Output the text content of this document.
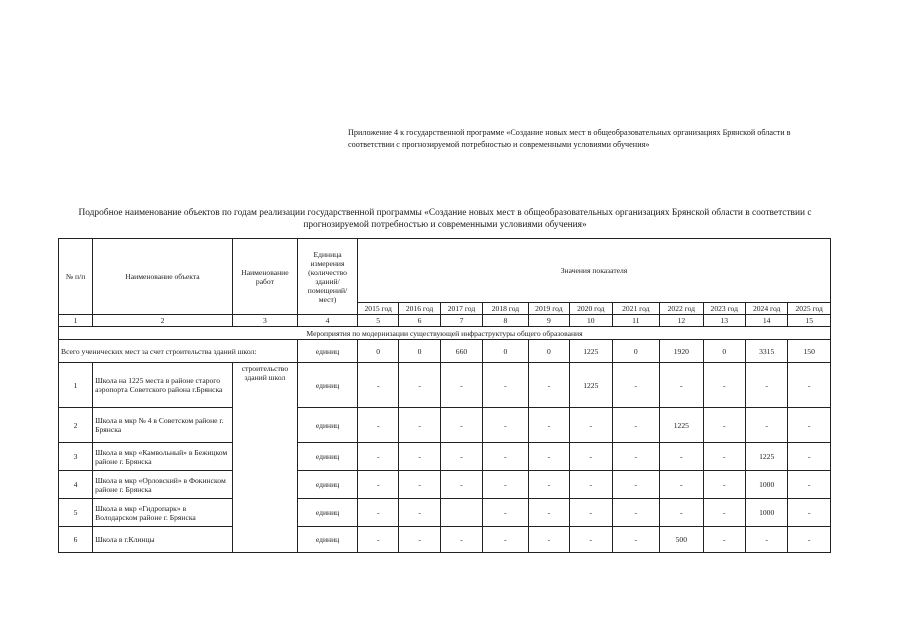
Приложение 4 к государственной программе «Создание новых мест в общеобразовательных организациях Брянской области в соответствии с прогнозируемой потребностью и современными условиями обучения»
Подробное наименование объектов по годам реализации государственной программы «Создание новых мест в общеобразовательных организациях Брянской области в соответствии с прогнозируемой потребностью и современными условиями обучения»
№ п/п	Наименование объекта	Наименование работ	Единица измерения (количество зданий/помещений/мест)	Значения показателя										
				2015 год	2016 год	2017 год	2018 год	2019 год	2020 год	2021 год	2022 год	2023 год	2024 год	2025 год
1	2	3	4	5	6	7	8	9	10	11	12	13	14	15
Мероприятия по модернизации существующей инфраструктуры общего образования														
Всего ученических мест за счет строительства зданий школ:			единиц	0	0	660	0	0	1225	0	1920	0	3315	150
1	Школа на 1225 места в районе старого аэропорта Советского района г.Брянска	строительство зданий школ	единиц	-	-	-	-	-	1225	-	-	-	-	-
2	Школа в мкр № 4 в Советском районе г. Брянска		единиц	-	-	-	-	-	-	-	1225	-	-	-
3	Школа в мкр «Камвольный» в Бежицком районе г. Брянска		единиц	-	-	-	-	-	-	-	-	-	1225	-
4	Школа в мкр «Орловский» в Фокинском районе г. Брянска		единиц	-	-	-	-	-	-	-	-	-	1000	-
5	Школа в мкр «Гидропарк» в Володарском районе г. Брянска		единиц	-	-		-	-	-	-	-	-	1000	-
6	Школа в г.Клинцы		единиц	-	-	-	-	-	-	-	500	-	-	-
